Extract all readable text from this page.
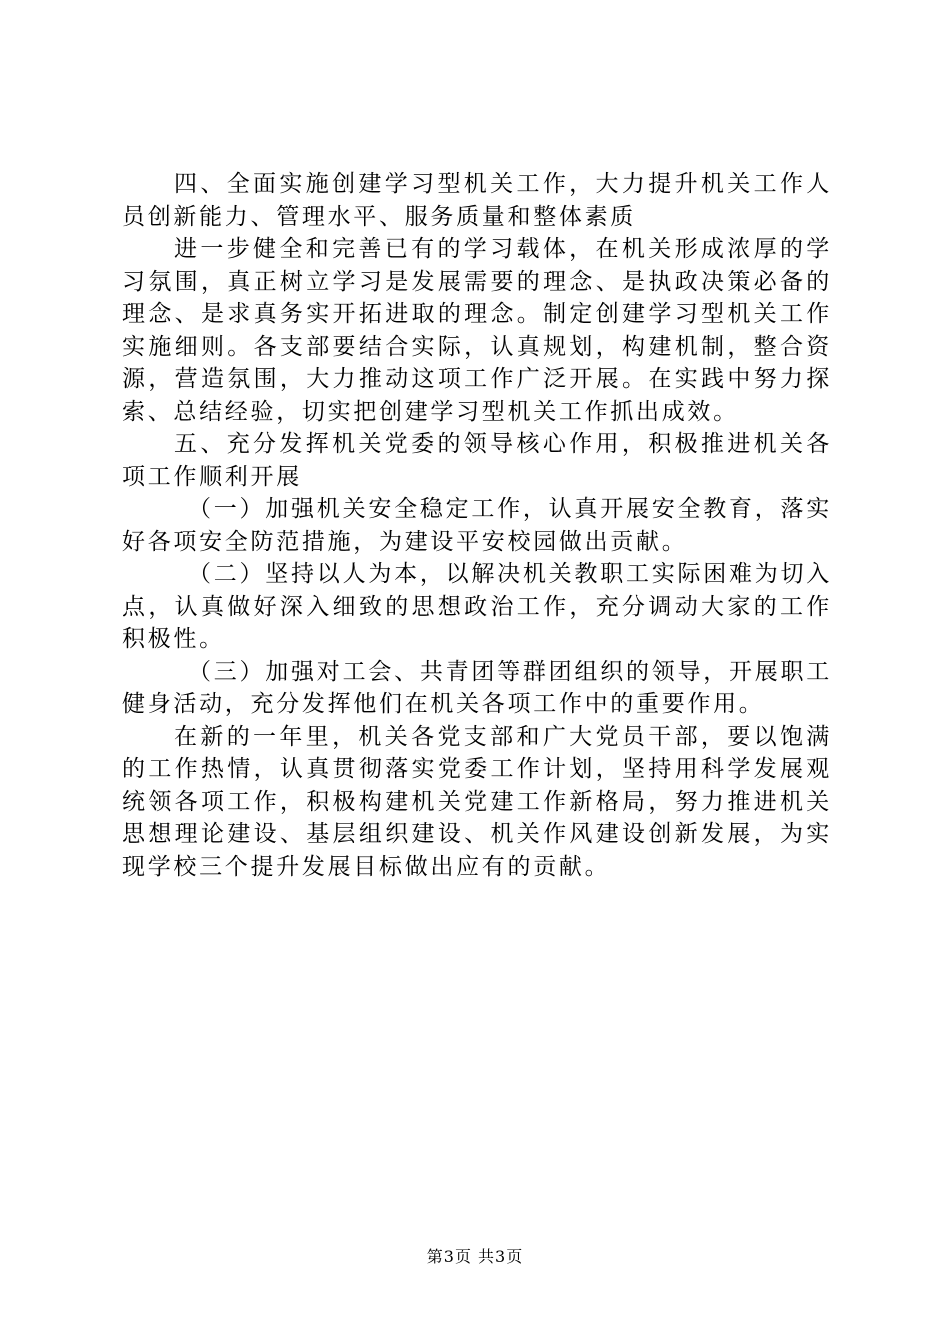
四、全面实施创建学习型机关工作，大力提升机关工作人员创新能力、管理水平、服务质量和整体素质

进一步健全和完善已有的学习载体，在机关形成浓厚的学习氛围，真正树立学习是发展需要的理念、是执政决策必备的理念、是求真务实开拓进取的理念。制定创建学习型机关工作实施细则。各支部要结合实际，认真规划，构建机制，整合资源，营造氛围，大力推动这项工作广泛开展。在实践中努力探索、总结经验，切实把创建学习型机关工作抓出成效。

五、充分发挥机关党委的领导核心作用，积极推进机关各项工作顺利开展

（一）加强机关安全稳定工作，认真开展安全教育，落实好各项安全防范措施，为建设平安校园做出贡献。

（二）坚持以人为本，以解决机关教职工实际困难为切入点，认真做好深入细致的思想政治工作，充分调动大家的工作积极性。

（三）加强对工会、共青团等群团组织的领导，开展职工健身活动，充分发挥他们在机关各项工作中的重要作用。

在新的一年里，机关各党支部和广大党员干部，要以饱满的工作热情，认真贯彻落实党委工作计划，坚持用科学发展观统领各项工作，积极构建机关党建工作新格局，努力推进机关思想理论建设、基层组织建设、机关作风建设创新发展，为实现学校三个提升发展目标做出应有的贡献。

第3页 共3页
